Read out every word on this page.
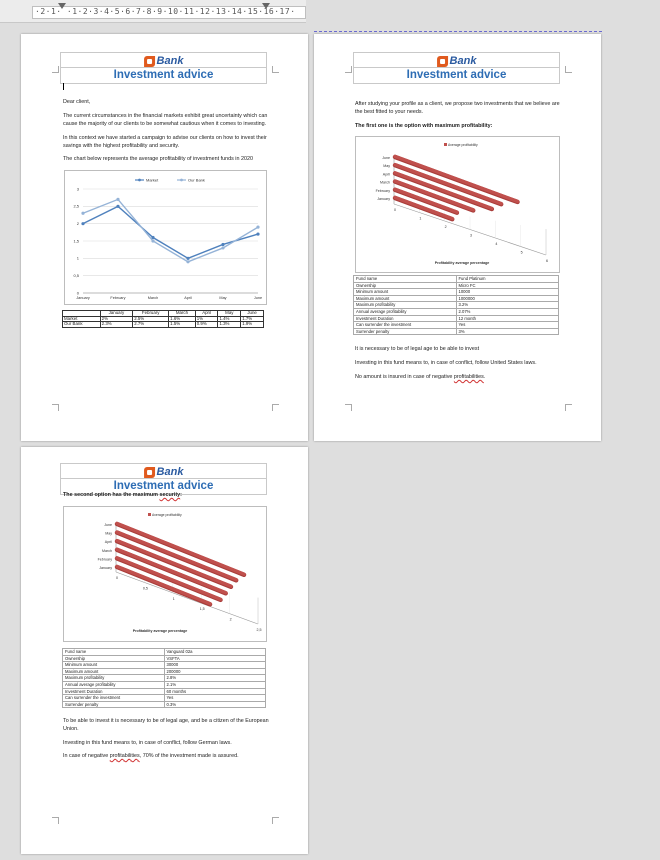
·2·1· ·1·2·3·4·5·6·7·8·9·10·11·12·13·14·15·16·17·
Bank
Investment advice
Dear client,
The current circumstances in the financial markets exhibit great uncertainty which can cause the majority of our clients to be somewhat cautious when it comes to investing.
In this context we have started a campaign to advise our clients on how to invest their savings with the highest profitability and security.
The chart below represents the average profitability of investment funds in 2020
0
0,5
1
1,5
2
2,5
3
January	February	March	April	May	June
Market	Our Bank
	January	February	March	April	May	June
Market	2%	2.5%	1.6%	1%	1.4%	1.7%
Our Bank	2.3%	2.7%	1.5%	0.9%	1.3%	1.9%
Bank
Investment advice
After studying your profile as a client, we propose two investments that we believe are the best fitted to your needs.
The first one is the option with maximum profitability:
Average profitability
0
1
2
3
4
5
6
January
February
March
April
May
June
Profitability average percentage
Fund name	Fund Platinum
Ownership	Micro FC
Minimum amount	10000
Maximum amount	1000000
Maximum profitability	3.2%
Annual average profitability	2.07%
Investment Duration	12 month
Can surrender the investment	Yes
Surrender penalty	3%
It is necessary to be of legal age to be able to invest
Investing in this fund means to, in case of conflict, follow United States laws.
No amount is insured in case of negative profitabilities.
Bank
Investment advice
The second option has the maximum security:
Average profitability
0
0,5
1
1,5
2
2,5
January
February
March
April
May
June
Profitability average percentage
Fund name	Vanguard 02a
Ownership	VSFTA
Minimum amount	30000
Maximum amount	200000
Maximum profitability	2.8%
Annual average profitability	2.1%
Investment Duration	60 months
Can surrender the investment	Yes
Surrender penalty	0.3%
To be able to invest it is necessary to be of legal age, and be a citizen of the European Union.
Investing in this fund means to, in case of conflict, follow German laws.
In case of negative profitabilities, 70% of the investment made is assured.
